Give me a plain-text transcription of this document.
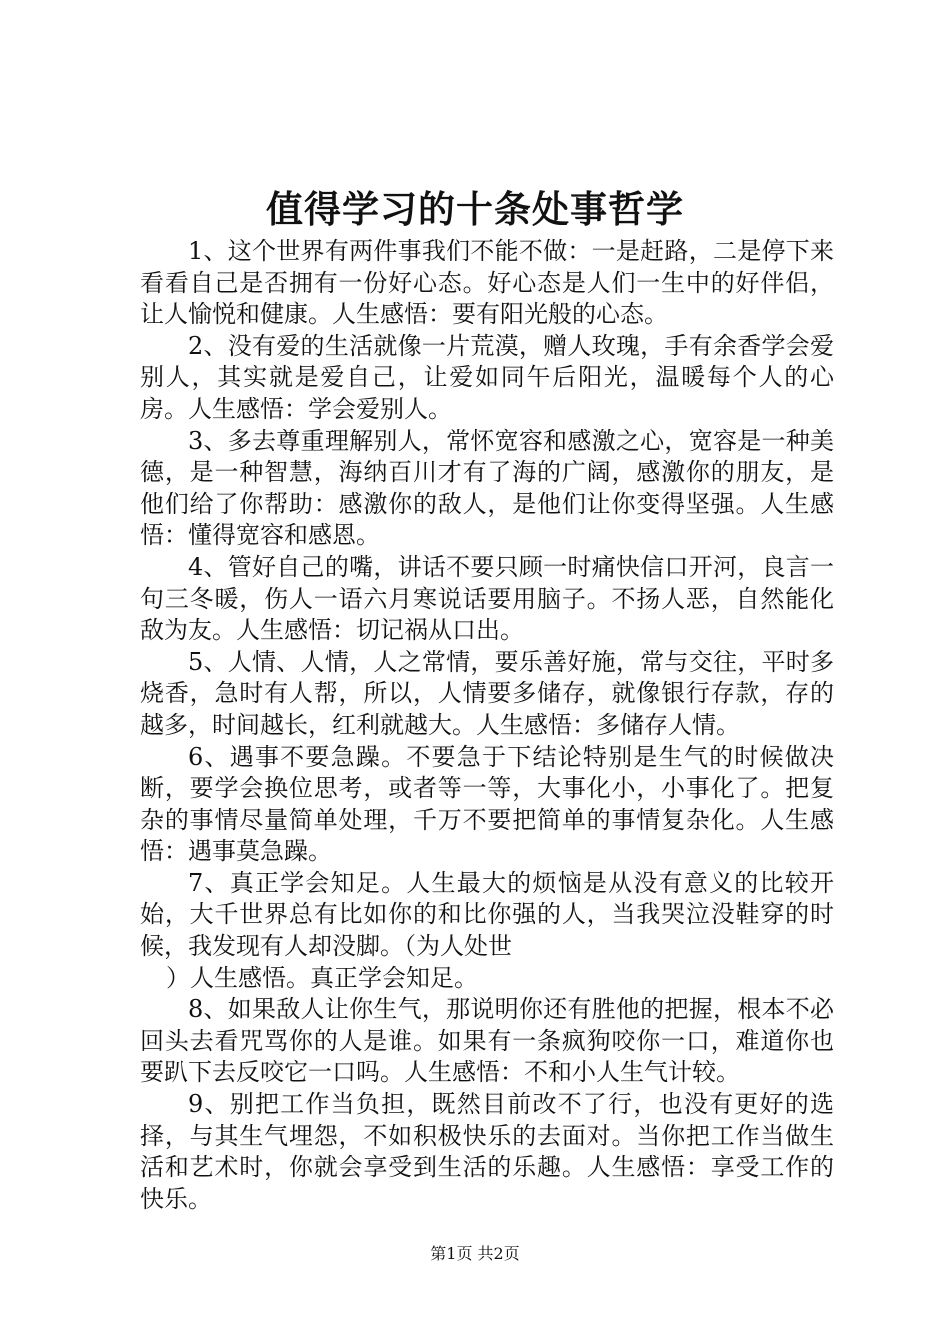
值得学习的十条处事哲学

1、这个世界有两件事我们不能不做：一是赶路，二是停下来看看自己是否拥有一份好心态。好心态是人们一生中的好伴侣，让人愉悦和健康。人生感悟：要有阳光般的心态。

2、没有爱的生活就像一片荒漠，赠人玫瑰，手有余香学会爱别人，其实就是爱自己，让爱如同午后阳光，温暖每个人的心房。人生感悟：学会爱别人。

3、多去尊重理解别人，常怀宽容和感激之心，宽容是一种美德，是一种智慧，海纳百川才有了海的广阔，感激你的朋友，是他们给了你帮助：感激你的敌人，是他们让你变得坚强。人生感悟：懂得宽容和感恩。

4、管好自己的嘴，讲话不要只顾一时痛快信口开河，良言一句三冬暖，伤人一语六月寒说话要用脑子。不扬人恶，自然能化敌为友。人生感悟：切记祸从口出。

5、人情、人情，人之常情，要乐善好施，常与交往，平时多烧香，急时有人帮，所以，人情要多储存，就像银行存款，存的越多，时间越长，红利就越大。人生感悟：多储存人情。

6、遇事不要急躁。不要急于下结论特别是生气的时候做决断，要学会换位思考，或者等一等，大事化小，小事化了。把复杂的事情尽量简单处理，千万不要把简单的事情复杂化。人生感悟：遇事莫急躁。

7、真正学会知足。人生最大的烦恼是从没有意义的比较开始，大千世界总有比如你的和比你强的人，当我哭泣没鞋穿的时候，我发现有人却没脚。（为人处世

）人生感悟。真正学会知足。

8、如果敌人让你生气，那说明你还有胜他的把握，根本不必回头去看咒骂你的人是谁。如果有一条疯狗咬你一口，难道你也要趴下去反咬它一口吗。人生感悟：不和小人生气计较。

9、别把工作当负担，既然目前改不了行，也没有更好的选择，与其生气埋怨，不如积极快乐的去面对。当你把工作当做生活和艺术时，你就会享受到生活的乐趣。人生感悟：享受工作的快乐。

第1页 共2页
